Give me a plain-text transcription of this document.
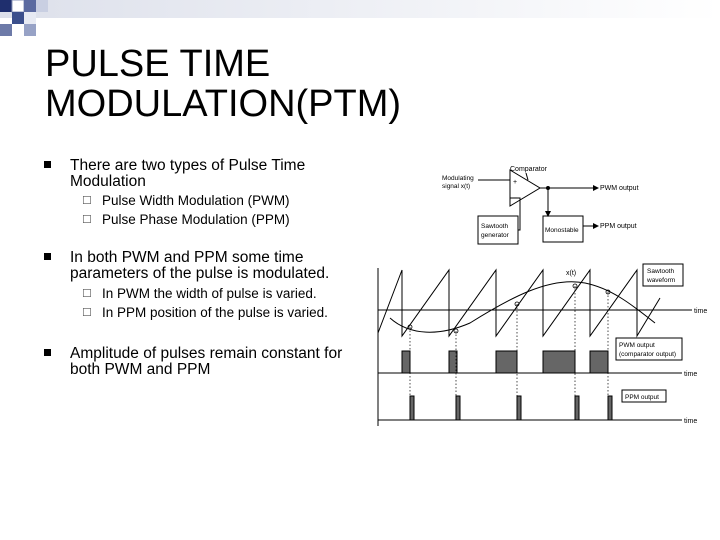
PULSE TIME
MODULATION(PTM)
There are two types of Pulse Time Modulation
☐ Pulse Width Modulation (PWM)
☐ Pulse Phase Modulation (PPM)
In both PWM and PPM some time parameters of the pulse is modulated.
☐ In PWM the width of pulse is varied.
☐ In PPM position of the pulse is varied.
Amplitude of pulses remain constant for both PWM and PPM
Comparator
Modulating
signal x(t)
+
−
PWM output
Sawtooth
generator
Monostable
PPM output
time
x(t)	Sawtooth
waveform
time
PWM output
(comparator output)
time
PPM output
